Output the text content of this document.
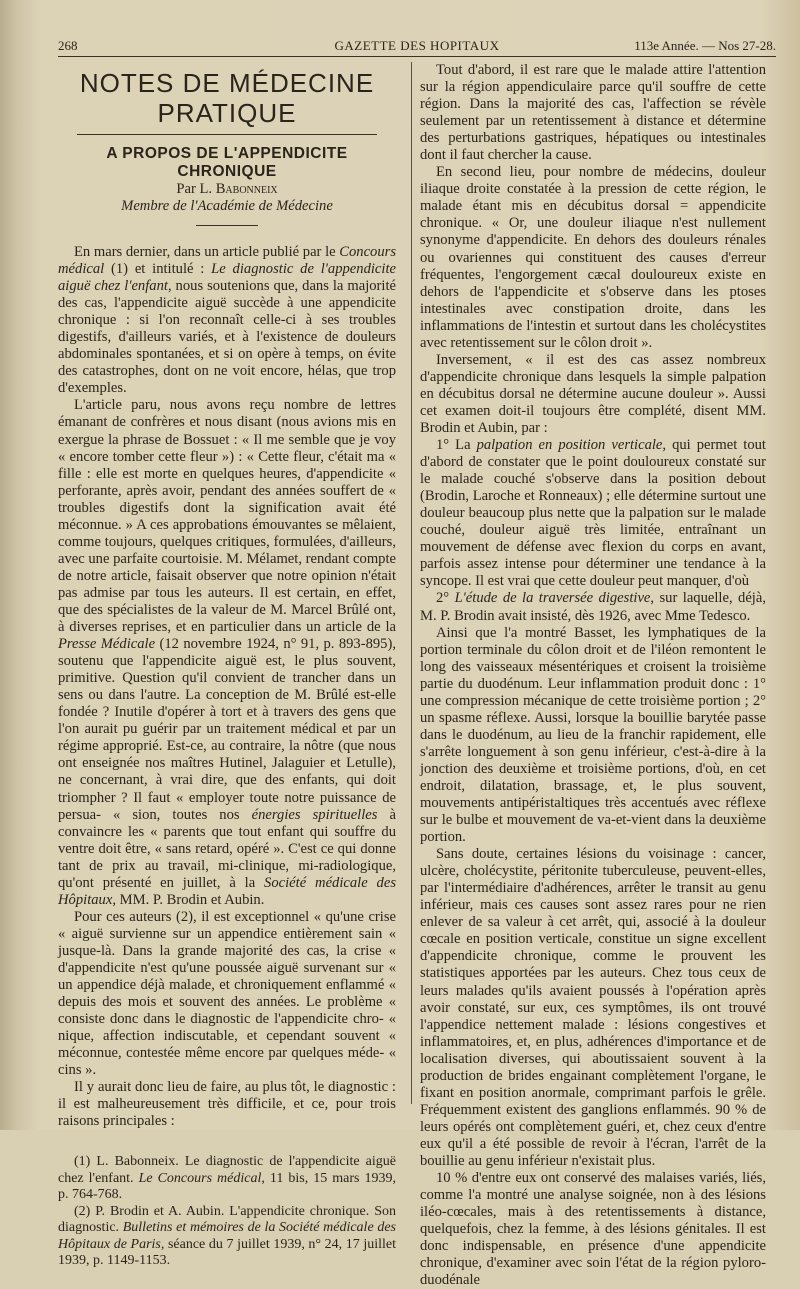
268	GAZETTE DES HOPITAUX	113e Année. — Nos 27-28.
NOTES DE MÉDECINE PRATIQUE
A PROPOS DE L'APPENDICITE CHRONIQUE
Par L. Babonneix
Membre de l'Académie de Médecine

En mars dernier, dans un article publié par le Concours médical (1) et intitulé : Le diagnostic de l'appendicite aiguë chez l'enfant, nous soutenions que, dans la majorité des cas, l'appendicite aiguë succède à une appendicite chronique : si l'on reconnaît celle-ci à ses troubles digestifs, d'ailleurs variés, et à l'existence de douleurs abdominales spontanées, et si on opère à temps, on évite des catastrophes, dont on ne voit encore, hélas, que trop d'exemples.

L'article paru, nous avons reçu nombre de lettres émanant de confrères et nous disant (nous avions mis en exergue la phrase de Bossuet : « Il me semble que je voy « encore tomber cette fleur ») : « Cette fleur, c'était ma « fille : elle est morte en quelques heures, d'appendicite « perforante, après avoir, pendant des années souffert de « troubles digestifs dont la signification avait été méconnue. » A ces approbations émouvantes se mêlaient, comme toujours, quelques critiques, formulées, d'ailleurs, avec une parfaite courtoisie. M. Mélamet, rendant compte de notre article, faisait observer que notre opinion n'était pas admise par tous les auteurs. Il est certain, en effet, que des spécialistes de la valeur de M. Marcel Brûlé ont, à diverses reprises, et en particulier dans un article de la Presse Médicale (12 novembre 1924, n° 91, p. 893-895), soutenu que l'appendicite aiguë est, le plus souvent, primitive. Question qu'il convient de trancher dans un sens ou dans l'autre. La conception de M. Brûlé est-elle fondée ? Inutile d'opérer à tort et à travers des gens que l'on aurait pu guérir par un traitement médical et par un régime approprié. Est-ce, au contraire, la nôtre (que nous ont enseignée nos maîtres Hutinel, Jalaguier et Letulle), ne concernant, à vrai dire, que des enfants, qui doit triompher ? Il faut « employer toute notre puissance de persua- « sion, toutes nos énergies spirituelles à convaincre les « parents que tout enfant qui souffre du ventre doit être, « sans retard, opéré ». C'est ce qui donne tant de prix au travail, mi-clinique, mi-radiologique, qu'ont présenté en juillet, à la Société médicale des Hôpitaux, MM. P. Brodin et Aubin.

Pour ces auteurs (2), il est exceptionnel « qu'une crise « aiguë survienne sur un appendice entièrement sain « jusque-là. Dans la grande majorité des cas, la crise « d'appendicite n'est qu'une poussée aiguë survenant sur « un appendice déjà malade, et chroniquement enflammé « depuis des mois et souvent des années. Le problème « consiste donc dans le diagnostic de l'appendicite chro- « nique, affection indiscutable, et cependant souvent « méconnue, contestée même encore par quelques méde- « cins ».

Il y aurait donc lieu de faire, au plus tôt, le diagnostic : il est malheureusement très difficile, et ce, pour trois raisons principales :

(1) L. Babonneix. Le diagnostic de l'appendicite aiguë chez l'enfant. Le Concours médical, 11 bis, 15 mars 1939, p. 764-768.

(2) P. Brodin et A. Aubin. L'appendicite chronique. Son diagnostic. Bulletins et mémoires de la Société médicale des Hôpitaux de Paris, séance du 7 juillet 1939, n° 24, 17 juillet 1939, p. 1149-1153.

Tout d'abord, il est rare que le malade attire l'attention sur la région appendiculaire parce qu'il souffre de cette région. Dans la majorité des cas, l'affection se révèle seulement par un retentissement à distance et détermine des perturbations gastriques, hépatiques ou intestinales dont il faut chercher la cause.

En second lieu, pour nombre de médecins, douleur iliaque droite constatée à la pression de cette région, le malade étant mis en décubitus dorsal = appendicite chronique. « Or, une douleur iliaque n'est nullement synonyme d'appendicite. En dehors des douleurs rénales ou ovariennes qui constituent des causes d'erreur fréquentes, l'engorgement cæcal douloureux existe en dehors de l'appendicite et s'observe dans les ptoses intestinales avec constipation droite, dans les inflammations de l'intestin et surtout dans les cholécystites avec retentissement sur le côlon droit ».

Inversement, « il est des cas assez nombreux d'appendicite chronique dans lesquels la simple palpation en décubitus dorsal ne détermine aucune douleur ». Aussi cet examen doit-il toujours être complété, disent MM. Brodin et Aubin, par :

1° La palpation en position verticale, qui permet tout d'abord de constater que le point douloureux constaté sur le malade couché s'observe dans la position debout (Brodin, Laroche et Ronneaux) ; elle détermine surtout une douleur beaucoup plus nette que la palpation sur le malade couché, douleur aiguë très limitée, entraînant un mouvement de défense avec flexion du corps en avant, parfois assez intense pour déterminer une tendance à la syncope. Il est vrai que cette douleur peut manquer, d'où

2° L'étude de la traversée digestive, sur laquelle, déjà, M. P. Brodin avait insisté, dès 1926, avec Mme Tedesco.

Ainsi que l'a montré Basset, les lymphatiques de la portion terminale du côlon droit et de l'iléon remontent le long des vaisseaux mésentériques et croisent la troisième partie du duodénum. Leur inflammation produit donc : 1° une compression mécanique de cette troisième portion ; 2° un spasme réflexe. Aussi, lorsque la bouillie barytée passe dans le duodénum, au lieu de la franchir rapidement, elle s'arrête longuement à son genu inférieur, c'est-à-dire à la jonction des deuxième et troisième portions, d'où, en cet endroit, dilatation, brassage, et, le plus souvent, mouvements antipéristaltiques très accentués avec réflexe sur le bulbe et mouvement de va-et-vient dans la deuxième portion.

Sans doute, certaines lésions du voisinage : cancer, ulcère, cholécystite, péritonite tuberculeuse, peuvent-elles, par l'intermédiaire d'adhérences, arrêter le transit au genu inférieur, mais ces causes sont assez rares pour ne rien enlever de sa valeur à cet arrêt, qui, associé à la douleur cœcale en position verticale, constitue un signe excellent d'appendicite chronique, comme le prouvent les statistiques apportées par les auteurs. Chez tous ceux de leurs malades qu'ils avaient poussés à l'opération après avoir constaté, sur eux, ces symptômes, ils ont trouvé l'appendice nettement malade : lésions congestives et inflammatoires, et, en plus, adhérences d'importance et de localisation diverses, qui aboutissaient souvent à la production de brides engainant complètement l'organe, le fixant en position anormale, comprimant parfois le grêle. Fréquemment existent des ganglions enflammés. 90 % de leurs opérés ont complètement guéri, et, chez ceux d'entre eux qu'il a été possible de revoir à l'écran, l'arrêt de la bouillie au genu inférieur n'existait plus.

10 % d'entre eux ont conservé des malaises variés, liés, comme l'a montré une analyse soignée, non à des lésions iléo-cœcales, mais à des retentissements à distance, quelquefois, chez la femme, à des lésions génitales. Il est donc indispensable, en présence d'une appendicite chronique, d'examiner avec soin l'état de la région pyloro-duodénale
